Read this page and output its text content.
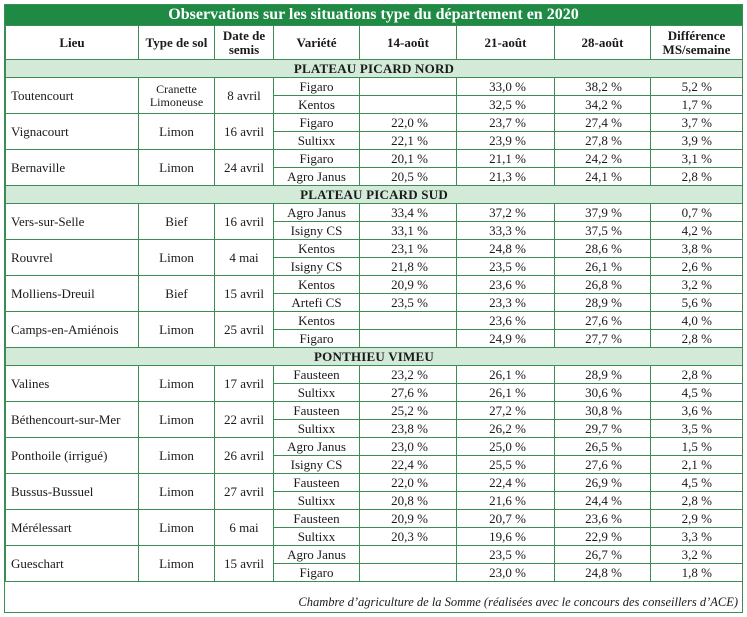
Observations sur les situations type du département en 2020
Lieu	Type de sol	Date de semis	Variété	14-août	21-août	28-août	Différence MS/semaine
PLATEAU PICARD NORD							
Toutencourt	Cranette Limoneuse	8 avril	Figaro		33,0 %	38,2 %	5,2 %
			Kentos		32,5 %	34,2 %	1,7 %
Vignacourt	Limon	16 avril	Figaro	22,0 %	23,7 %	27,4 %	3,7 %
			Sultixx	22,1 %	23,9 %	27,8 %	3,9 %
Bernaville	Limon	24 avril	Figaro	20,1 %	21,1 %	24,2 %	3,1 %
			Agro Janus	20,5 %	21,3 %	24,1 %	2,8 %
PLATEAU PICARD SUD							
Vers-sur-Selle	Bief	16 avril	Agro Janus	33,4 %	37,2 %	37,9 %	0,7 %
			Isigny CS	33,1 %	33,3 %	37,5 %	4,2 %
Rouvrel	Limon	4 mai	Kentos	23,1 %	24,8 %	28,6 %	3,8 %
			Isigny CS	21,8 %	23,5 %	26,1 %	2,6 %
Molliens-Dreuil	Bief	15 avril	Kentos	20,9 %	23,6 %	26,8 %	3,2 %
			Artefi CS	23,5 %	23,3 %	28,9 %	5,6 %
Camps-en-Amiénois	Limon	25 avril	Kentos		23,6 %	27,6 %	4,0 %
			Figaro		24,9 %	27,7 %	2,8 %
PONTHIEU VIMEU							
Valines	Limon	17 avril	Fausteen	23,2 %	26,1 %	28,9 %	2,8 %
			Sultixx	27,6 %	26,1 %	30,6 %	4,5 %
Béthencourt-sur-Mer	Limon	22 avril	Fausteen	25,2 %	27,2 %	30,8 %	3,6 %
			Sultixx	23,8 %	26,2 %	29,7 %	3,5 %
Ponthoile (irrigué)	Limon	26 avril	Agro Janus	23,0 %	25,0 %	26,5 %	1,5 %
			Isigny CS	22,4 %	25,5 %	27,6 %	2,1 %
Bussus-Bussuel	Limon	27 avril	Fausteen	22,0 %	22,4 %	26,9 %	4,5 %
			Sultixx	20,8 %	21,6 %	24,4 %	2,8 %
Mérélessart	Limon	6 mai	Fausteen	20,9 %	20,7 %	23,6 %	2,9 %
			Sultixx	20,3 %	19,6 %	22,9 %	3,3 %
Gueschart	Limon	15 avril	Agro Janus		23,5 %	26,7 %	3,2 %
			Figaro		23,0 %	24,8 %	1,8 %
Chambre d’agriculture de la Somme (réalisées avec le concours des conseillers d’ACE)
